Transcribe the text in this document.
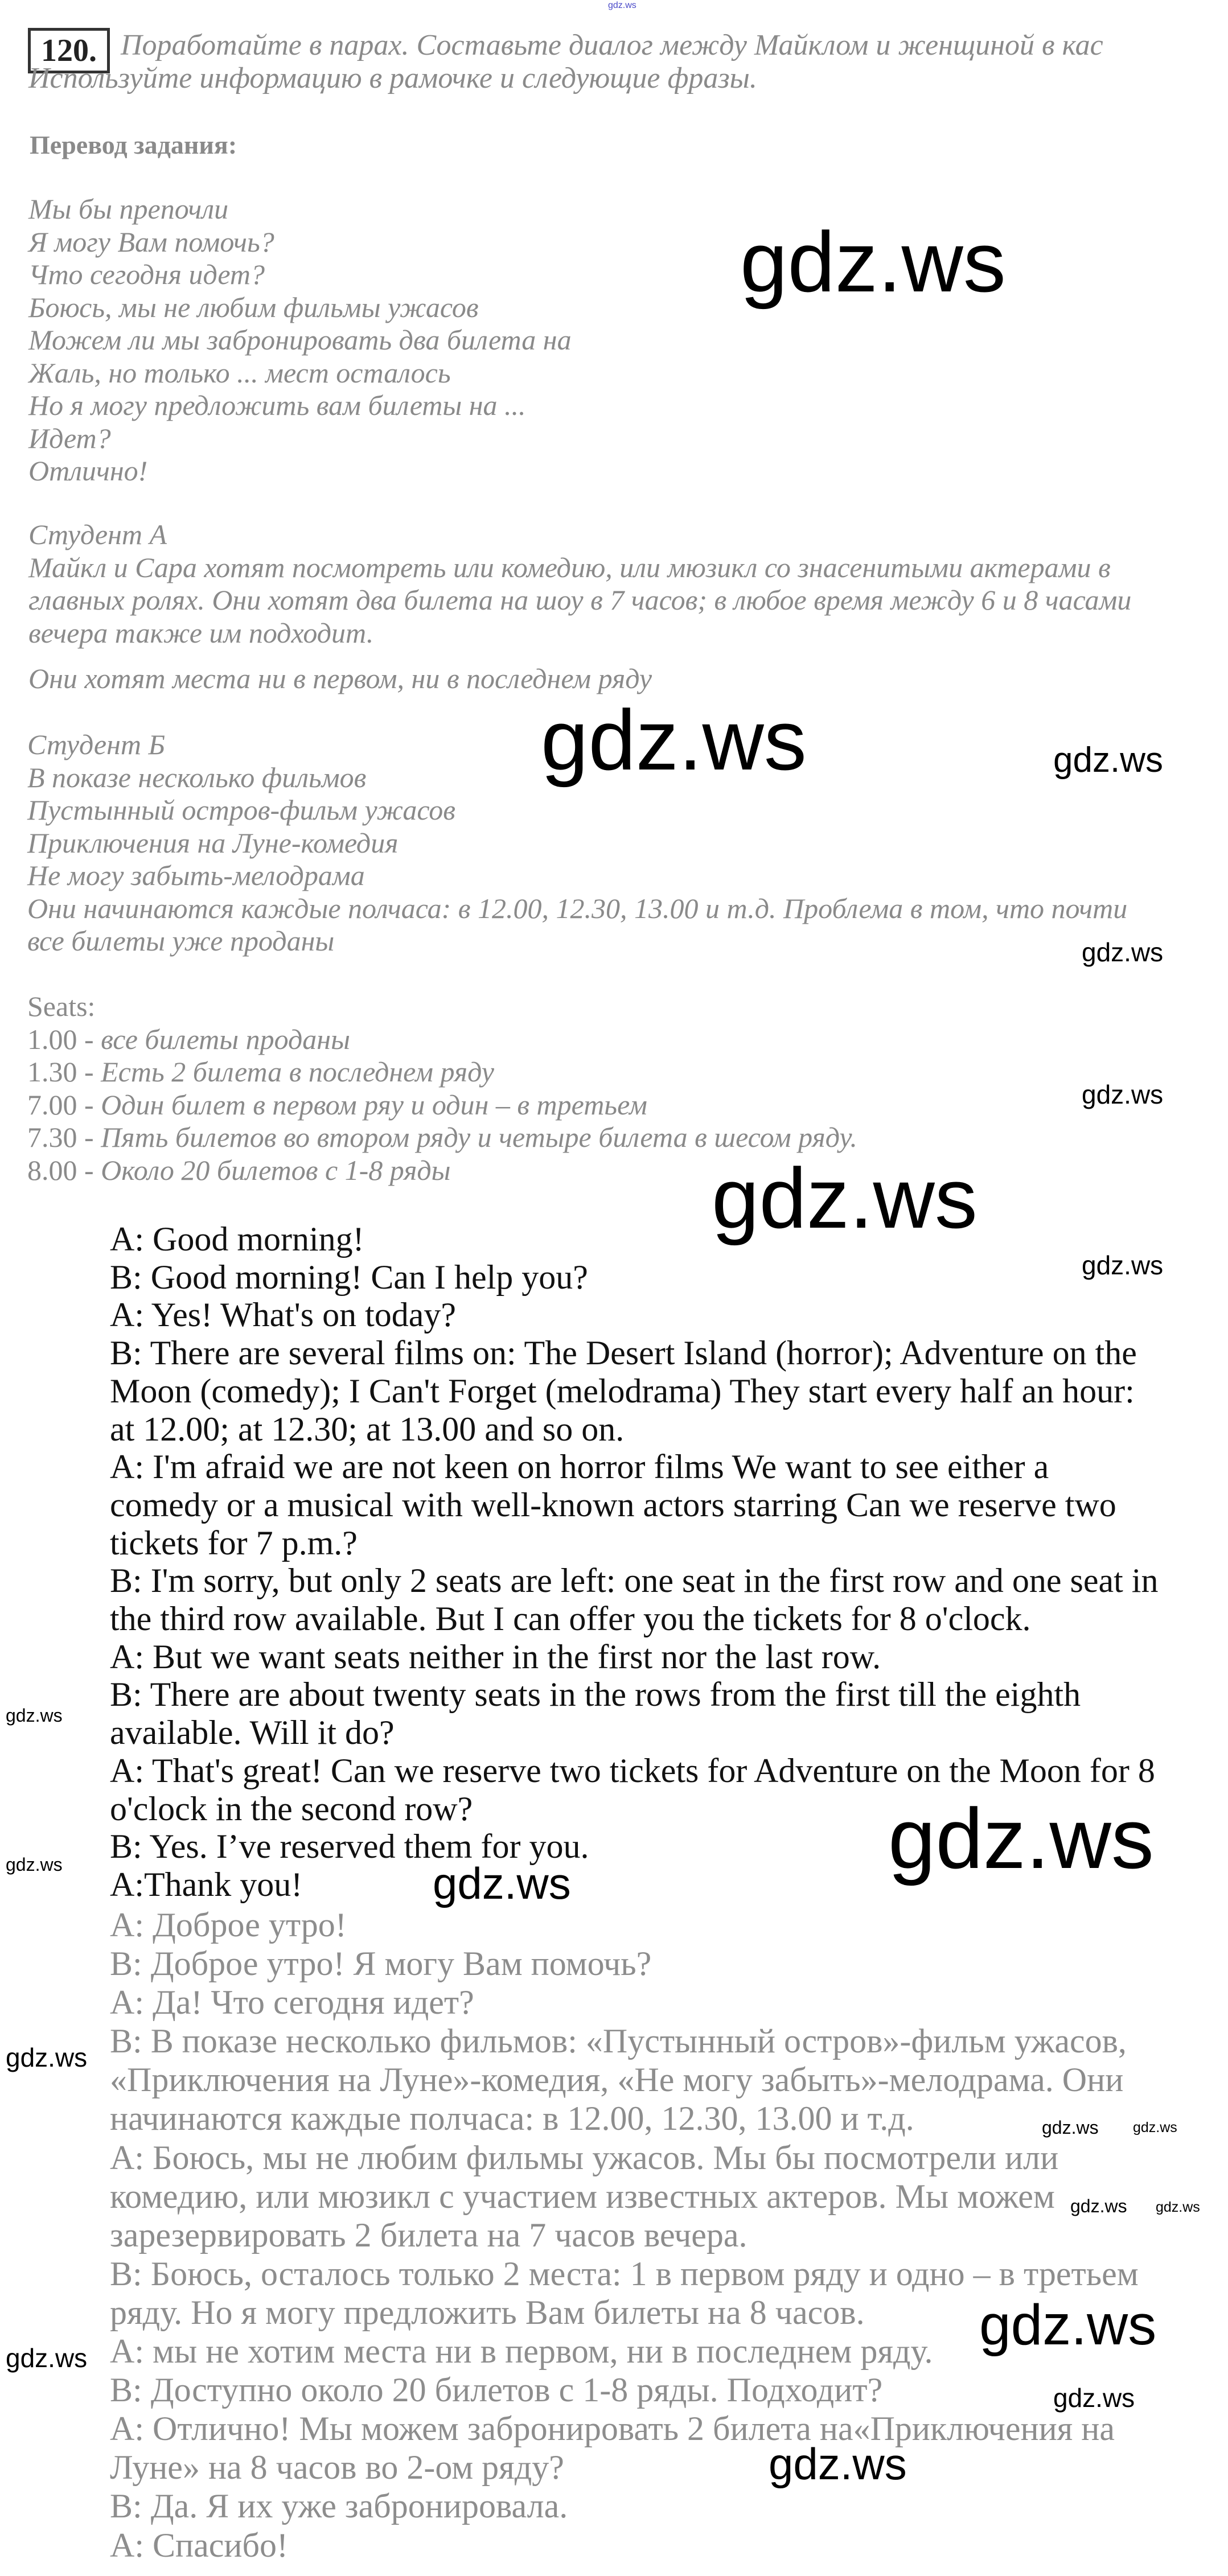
120. Поработайте в парах. Составьте диалог между Майклом и женщиной в кас
Используйте информацию в рамочке и следующие фразы.
Перевод задания:
Мы бы препочли
Я могу Вам помочь?
Что сегодня идет?
Боюсь, мы не любим фильмы ужасов
Можем ли мы забронировать два билета на
Жаль, но только ... мест осталось
Но я могу предложить вам билеты на ...
Идет?
Отлично!
Студент А
Майкл и Сара хотят посмотреть или комедию, или мюзикл со знасенитыми актерами в
главных ролях. Они хотят два билета на шоу в 7 часов; в любое время между 6 и 8 часами
вечера также им подходит.
Они хотят места ни в первом, ни в последнем ряду
Студент Б
В показе несколько фильмов
Пустынный остров-фильм ужасов
Приключения на Луне-комедия
Не могу забыть-мелодрама
Они начинаются каждые полчаса: в 12.00, 12.30, 13.00 и т.д. Проблема в том, что почти
все билеты уже проданы
Seats:
1.00 - все билеты проданы
1.30 - Есть 2 билета в последнем ряду
7.00 - Один билет в первом ряу и один – в третьем
7.30 - Пять билетов во втором ряду и четыре билета в шесом ряду.
8.00 - Около 20 билетов с 1-8 ряды
A: Good morning!
B: Good morning! Can I help you?
A: Yes! What's on today?
B: There are several films on: The Desert Island (horror); Adventure on the
Moon (comedy); I Can't Forget (melodrama) They start every half an hour:
at 12.00; at 12.30; at 13.00 and so on.
A: I'm afraid we are not keen on horror films We want to see either a
comedy or a musical with well-known actors starring Can we reserve two
tickets for 7 p.m.?
B: I'm sorry, but only 2 seats are left: one seat in the first row and one seat in
the third row available. But I can offer you the tickets for 8 o'clock.
A: But we want seats neither in the first nor the last row.
B: There are about twenty seats in the rows from the first till the eighth
available. Will it do?
A: That's great! Can we reserve two tickets for Adventure on the Moon for 8
o'clock in the second row?
B: Yes. I’ve reserved them for you.
A:Thank you!
А: Доброе утро!
В: Доброе утро! Я могу Вам помочь?
А: Да! Что сегодня идет?
В: В показе несколько фильмов: «Пустынный остров»-фильм ужасов,
«Приключения на Луне»-комедия, «Не могу забыть»-мелодрама. Они
начинаются каждые полчаса: в 12.00, 12.30, 13.00 и т.д.
А: Боюсь, мы не любим фильмы ужасов. Мы бы посмотрели или
комедию, или мюзикл с участием известных актеров. Мы можем
зарезервировать 2 билета на 7 часов вечера.
В: Боюсь, осталось только 2 места: 1 в первом ряду и одно – в третьем
ряду. Но я могу предложить Вам билеты на 8 часов.
А: мы не хотим места ни в первом, ни в последнем ряду.
В: Доступно около 20 билетов с 1-8 ряды. Подходит?
А: Отлично! Мы можем забронировать 2 билета на«Приключения на
Луне» на 8 часов во 2-ом ряду?
В: Да. Я их уже забронировала.
А: Спасибо!
gdz.ws
gdz.ws
gdz.ws	gdz.ws
gdz.ws
gdz.ws
gdz.ws
gdz.ws
gdz.ws
gdz.ws
gdz.ws	gdz.ws
gdz.ws
gdz.ws gdz.ws
gdz.ws gdz.ws
gdz.ws
gdz.ws
gdz.ws
gdz.ws
